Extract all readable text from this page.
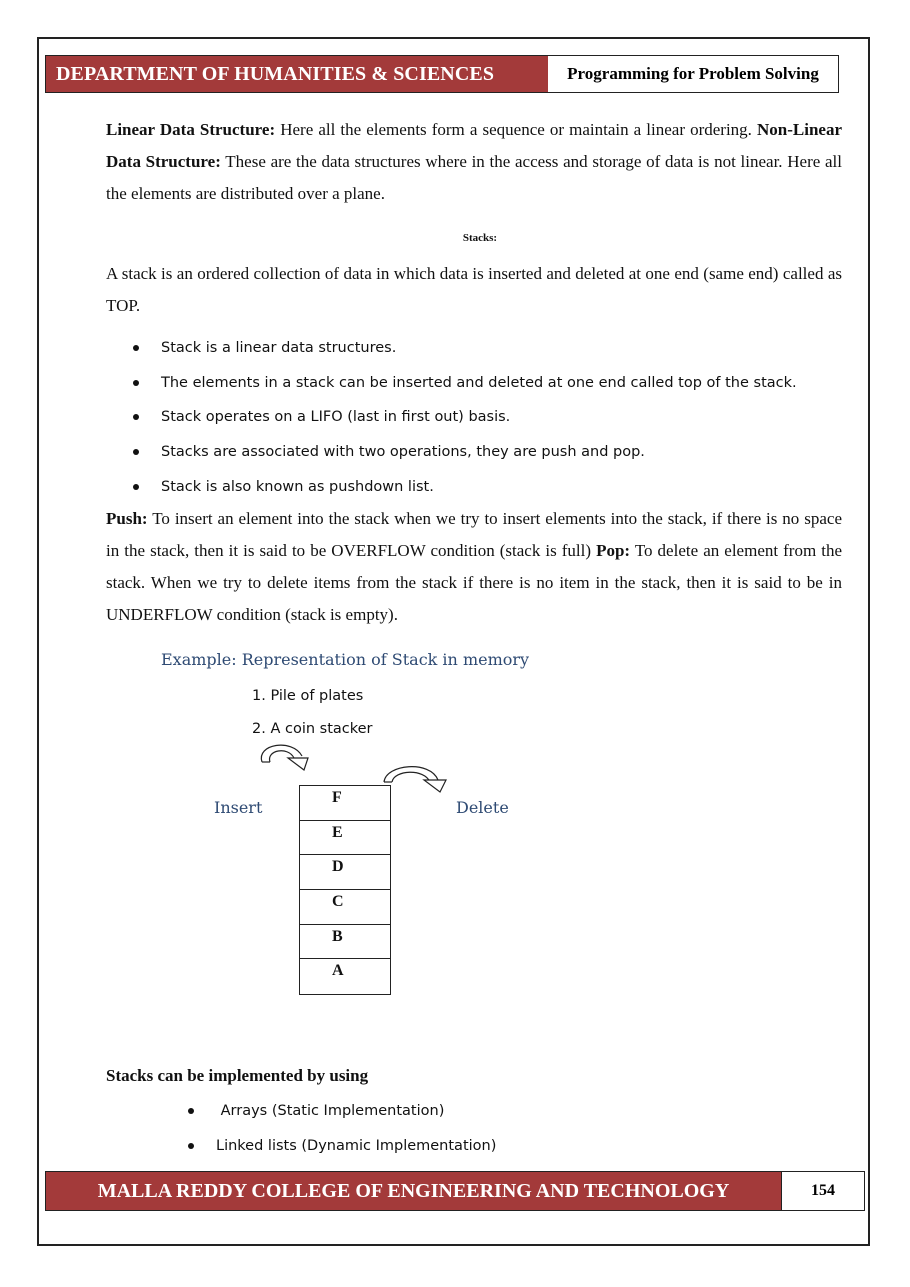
DEPARTMENT OF HUMANITIES & SCIENCES	Programming for Problem Solving
Linear Data Structure: Here all the elements form a sequence or maintain a linear ordering. Non-Linear Data Structure: These are the data structures where in the access and storage of data is not linear. Here all the elements are distributed over a plane.
Stacks:
A stack is an ordered collection of data in which data is inserted and deleted at one end (same end) called as TOP.
Stack is a linear data structures.
The elements in a stack can be inserted and deleted at one end called top of the stack.
Stack operates on a LIFO (last in first out) basis.
Stacks are associated with two operations, they are push and pop.
Stack is also known as pushdown list.
Push: To insert an element into the stack when we try to insert elements into the stack, if there is no space in the stack, then it is said to be OVERFLOW condition (stack is full) Pop: To delete an element from the stack. When we try to delete items from the stack if there is no item in the stack, then it is said to be in UNDERFLOW condition (stack is empty).
Example: Representation of Stack in memory
1. Pile of plates
2. A coin stacker
Insert	Delete
F
E
D
C
B
A
Stacks can be implemented by using
Arrays (Static Implementation)
Linked lists (Dynamic Implementation)
MALLA REDDY COLLEGE OF ENGINEERING AND TECHNOLOGY	154
